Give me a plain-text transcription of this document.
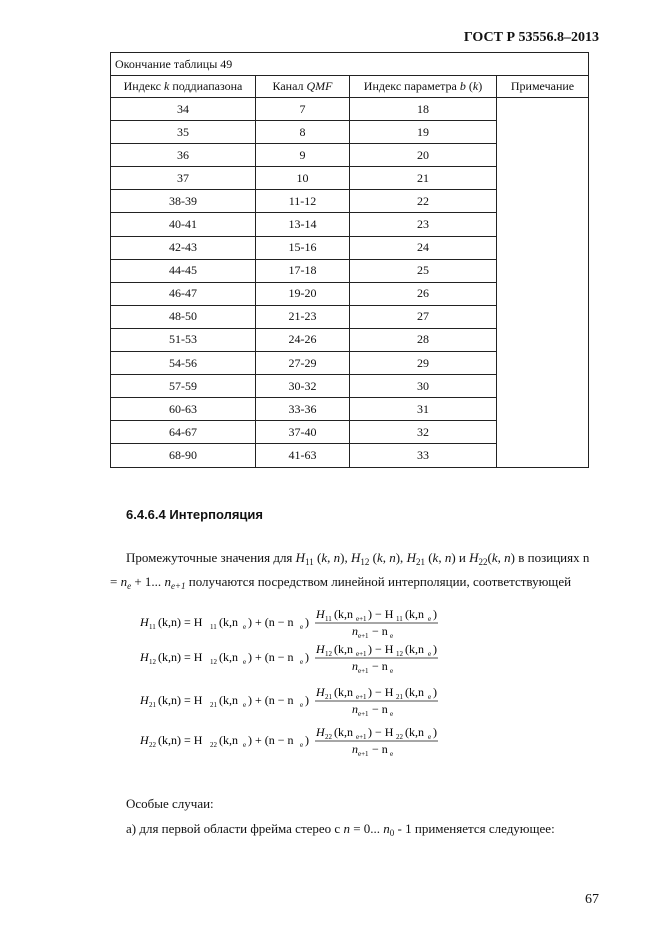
ГОСТ Р 53556.8–2013
Окончание таблицы 49			
Индекс k поддиапазона	Канал QMF	Индекс параметра b (k)	Примечание
34	7	18	
35	8	19	
36	9	20	
37	10	21	
38-39	11-12	22	
40-41	13-14	23	
42-43	15-16	24	
44-45	17-18	25	
46-47	19-20	26	
48-50	21-23	27	
51-53	24-26	28	
54-56	27-29	29	
57-59	30-32	30	
60-63	33-36	31	
64-67	37-40	32	
68-90	41-63	33	
6.4.6.4 Интерполяция
Промежуточные значения для $H_{11}$ (k, n), $H_{12}$ (k, n), $H_{21}$ (k, n) и $H_{22}(k$, n) в позициях n
= $n_e + 1$... $n_{e+1}$ получаются посредством линейной интерполяции, соответствующей
H 11 (k,n) = H 11 (k,n e ) + (n − n e )
H 11 (k,n e+1 ) − H 11 (k,n e )
n e+1 − n e
H 12 (k,n) = H 12 (k,n e ) + (n − n e )
H 12 (k,n e+1 ) − H 12 (k,n e )
n e+1 − n e
H 21 (k,n) = H 21 (k,n e ) + (n − n e )
H 21 (k,n e+1 ) − H 21 (k,n e )
n e+1 − n e
H 22 (k,n) = H 22 (k,n e ) + (n − n e )
H 22 (k,n e+1 ) − H 22 (k,n e )
n e+1 − n e
Особые случаи:
а) для первой области фрейма стерео с n = 0... $n_0 - 1$ применяется следующее:
67
